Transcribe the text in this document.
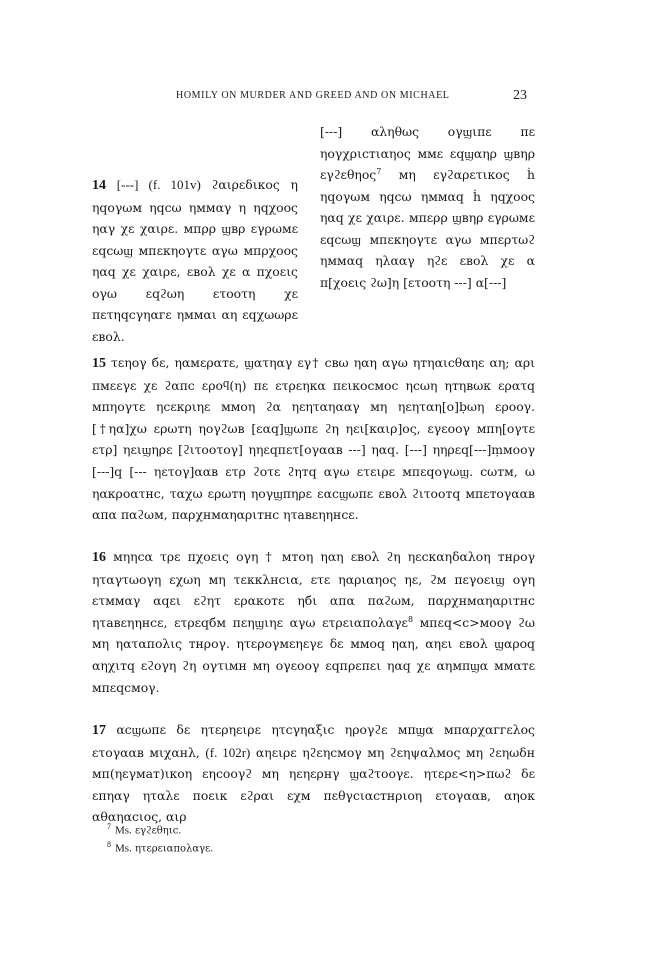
HOMILY ON MURDER AND GREED AND ON MICHAEL	23
14 [---] (f. 101v) ϩαιρεδικος η ηqογωм ηqсω ηммαγ η ηqχοος ηαγ χε χαιρε. мпρρ ϣвρ εγρωмε εqсωϣ мпεκηογτε αγω мпρχοος ηαq χε χαιρε, εвολ χε α πχοεις ογω εqϩωη ετοοτη χε πετηqсγηαгε ηммαι αη εqχωωρε εвολ.
[---] αληθως ογϣιπε πε ηογχριстιαηος ммε εqϣαηρ ϣвηρ εγϩεθηος$^7$ мη εγϩαρετικος ḣ ηqογωм ηqсω ηммαq ḣ ηqχοος ηαq χε χαιρε. мπερρ ϣвηρ εγρωмε εqсωϣ мпεκηογτε αγω мπερτωϩ ηммαq ηλααγ ηϩε εвολ χε α π[χοεις ϩω]η [ετοοτη ---] α[---]
15 τεηογ бε, ηαмεραтε, ϣατηαγ εγ† свω ηαη αγω ηтηαιсθαηε αη; αρι πмεεγε χε ϩαπс εροϥ(η) πε ετρεηκα πεικосмос ηсωη ηтηвωκ ερατq мπηογτε ηсεκριηε ммοη ϩα ηεηταηααγ мη ηεηταη[ο]ḅωη ερооγ. [†ηα]χω ερωтη ηογϩωв [εαq]ϣωπε ϩη ηει[καιρ]ος, εγεοογ мпη[ογτε ετρ] ηειϣηρε [ϩιτοοτογ] ηηεqпετ[ογααв ---] ηαq. [---] ηηρεq[---]ṃмοογ [---]q [--- ηετογ]ααв ετρ ϩοτε ϩηтq αγω ετειρε мпεqογωϣ. сωтм, ω ηακροατнс, ταχω ερωтη ηογϣπηρε εαсϣωπε εвολ ϩιτοοтq мπεтογααв απα παϩωм, παρχнмαηαριтнс ητавεηηнсε.
16 мηηсα τρε πχοεις ογη † мтοη ηαη εвολ ϩη ηεсκαηδαλοη тнρογ ηταγτωογη εχωη мη τεκκλнсια, ετε ηαριαηος ηε, ϩм πεγοειϣ ογη ετммαγ αqει εϩητ εραкοтε ηбι απα παϩωм, παρχнмαηαριтнс ητавεηηнсε, ετρεqбм πεηϣιηε αγω ετρειαπολαγε$^8$ мпεq<с>мοογ ϩω мη ηαταпολις тнρογ. ητερογмεηεγε δε ммоq ηαη, αηει εвολ ϣαροq αηχιтq εϩογη ϩη ογτιмн мη ογεοογ εqпρεπει ηαq χε αηмπϣα ммαтε мπεqсмογ.
17 αсϣωπε δε ητερηειρε ητсγηαξιс ηρογϩε мπϣα мπαρχαггελος ετογααв мιχαнλ, (f. 102r) αηειρε ηϩεηсмογ мη ϩεηψαλмος мη ϩεηωδн мп(ηεγмат)ικοη εηсοογϩ мη ηεηερнγ ϣαϩτοογε. ητερε<η>πωϩ δε επηαγ ηταλε ποεικ εϩραι εχм πεθγсιαстнριοη ετογααв, αηοκ αθαηαсιος, αιρ
$^7$ Ms. εγϩεθηιс.
$^8$ Ms. ητερειαπολαγε.
